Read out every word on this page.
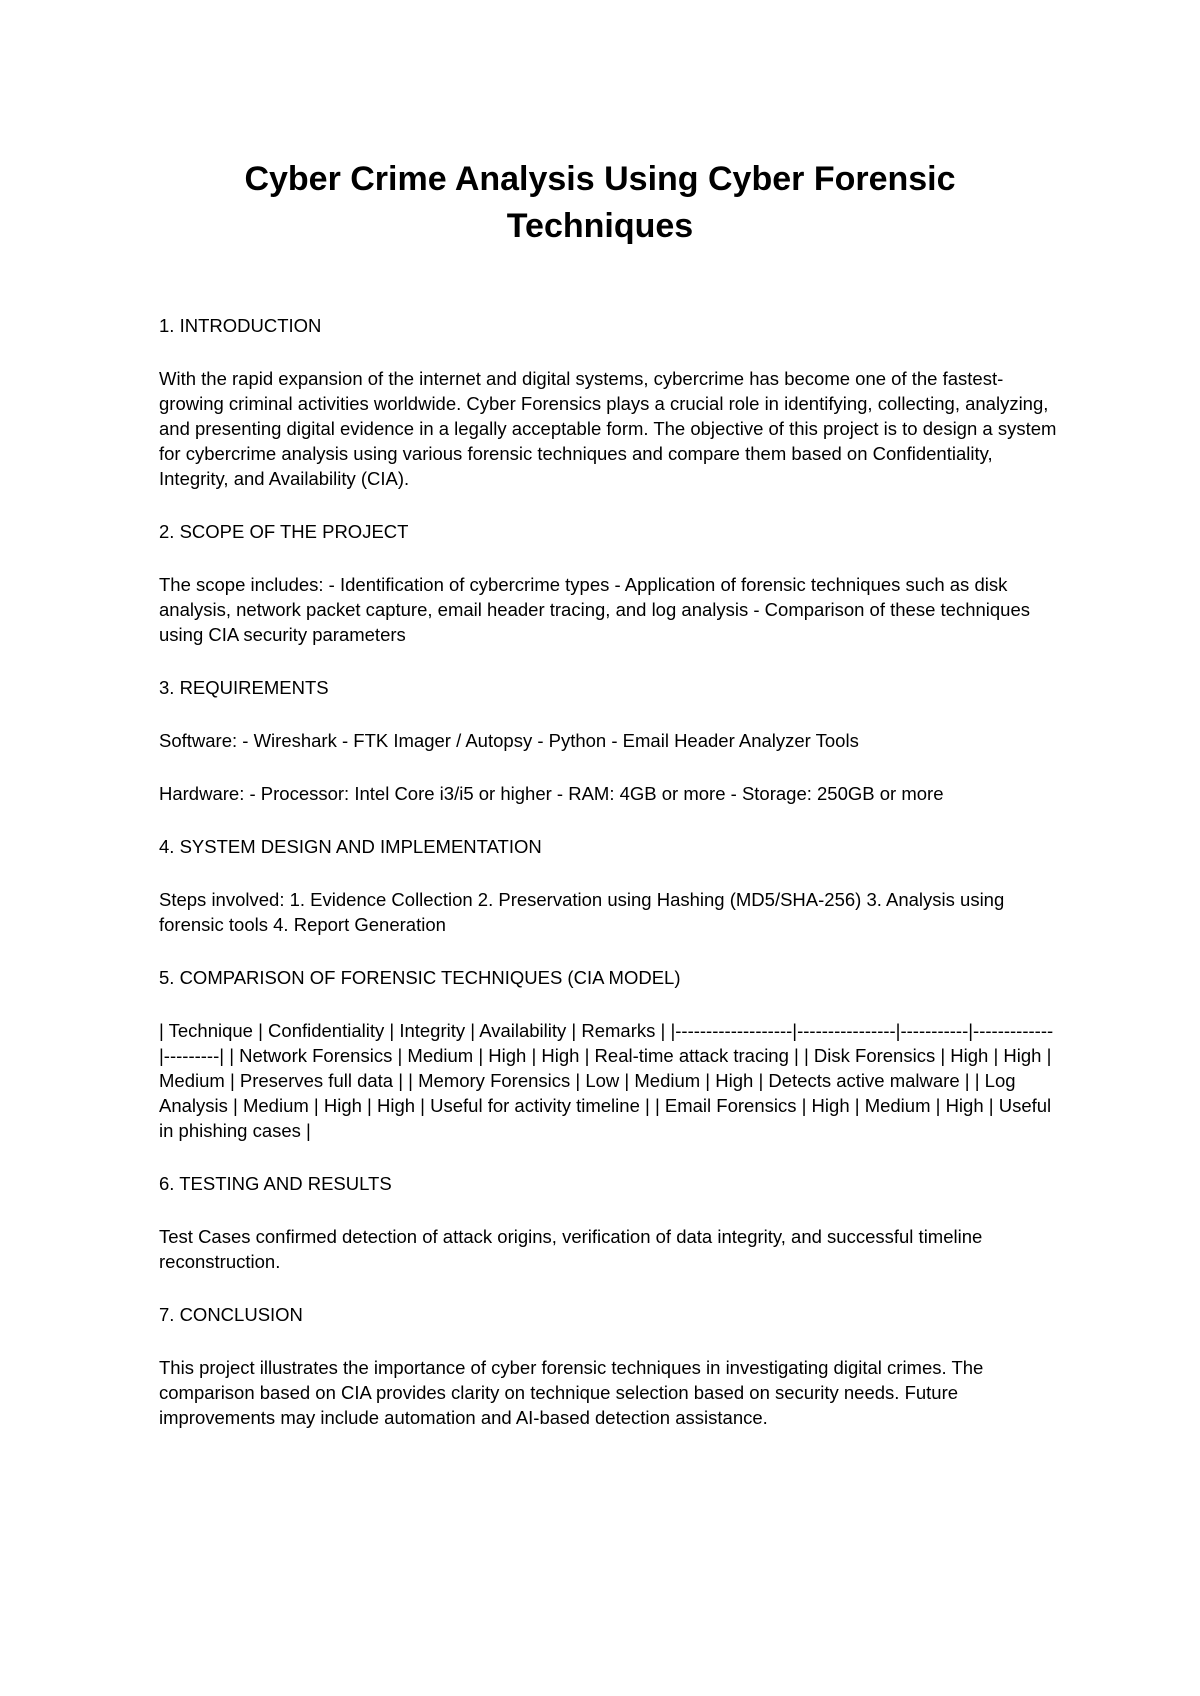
Cyber Crime Analysis Using Cyber Forensic Techniques

1. INTRODUCTION

With the rapid expansion of the internet and digital systems, cybercrime has become one of the fastest-growing criminal activities worldwide. Cyber Forensics plays a crucial role in identifying, collecting, analyzing, and presenting digital evidence in a legally acceptable form. The objective of this project is to design a system for cybercrime analysis using various forensic techniques and compare them based on Confidentiality, Integrity, and Availability (CIA).

2. SCOPE OF THE PROJECT

The scope includes: - Identification of cybercrime types - Application of forensic techniques such as disk analysis, network packet capture, email header tracing, and log analysis - Comparison of these techniques using CIA security parameters

3. REQUIREMENTS

Software: - Wireshark - FTK Imager / Autopsy - Python - Email Header Analyzer Tools

Hardware: - Processor: Intel Core i3/i5 or higher - RAM: 4GB or more - Storage: 250GB or more

4. SYSTEM DESIGN AND IMPLEMENTATION

Steps involved: 1. Evidence Collection 2. Preservation using Hashing (MD5/SHA-256) 3. Analysis using forensic tools 4. Report Generation

5. COMPARISON OF FORENSIC TECHNIQUES (CIA MODEL)

| Technique | Confidentiality | Integrity | Availability | Remarks | |-------------------|----------------|-----------|-------------|---------| | Network Forensics | Medium | High | High | Real-time attack tracing | | Disk Forensics | High | High | Medium | Preserves full data | | Memory Forensics | Low | Medium | High | Detects active malware | | Log Analysis | Medium | High | High | Useful for activity timeline | | Email Forensics | High | Medium | High | Useful in phishing cases |

6. TESTING AND RESULTS

Test Cases confirmed detection of attack origins, verification of data integrity, and successful timeline reconstruction.

7. CONCLUSION

This project illustrates the importance of cyber forensic techniques in investigating digital crimes. The comparison based on CIA provides clarity on technique selection based on security needs. Future improvements may include automation and AI-based detection assistance.
